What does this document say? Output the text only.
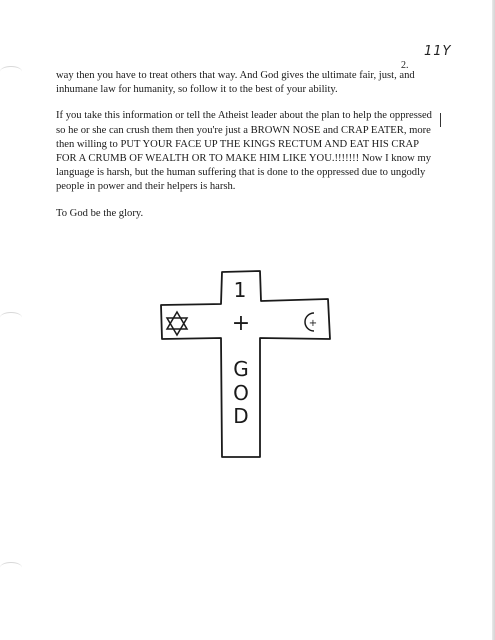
11Y
2.

way then you have to treat others that way. And God gives the ultimate fair, just, and inhumane law for humanity, so follow it to the best of your ability.

If you take this information or tell the Atheist leader about the plan to help the oppressed so he or she can crush them then you're just a BROWN NOSE and CRAP EATER, more then willing to PUT YOUR FACE UP THE KINGS RECTUM AND EAT HIS CRAP FOR A CRUMB OF WEALTH OR TO MAKE HIM LIKE YOU.!!!!!!! Now I know my language is harsh, but the human suffering that is done to the oppressed due to ungodly people in power and their helpers is harsh.

To God be the glory.

1
+
G
O
D
+
